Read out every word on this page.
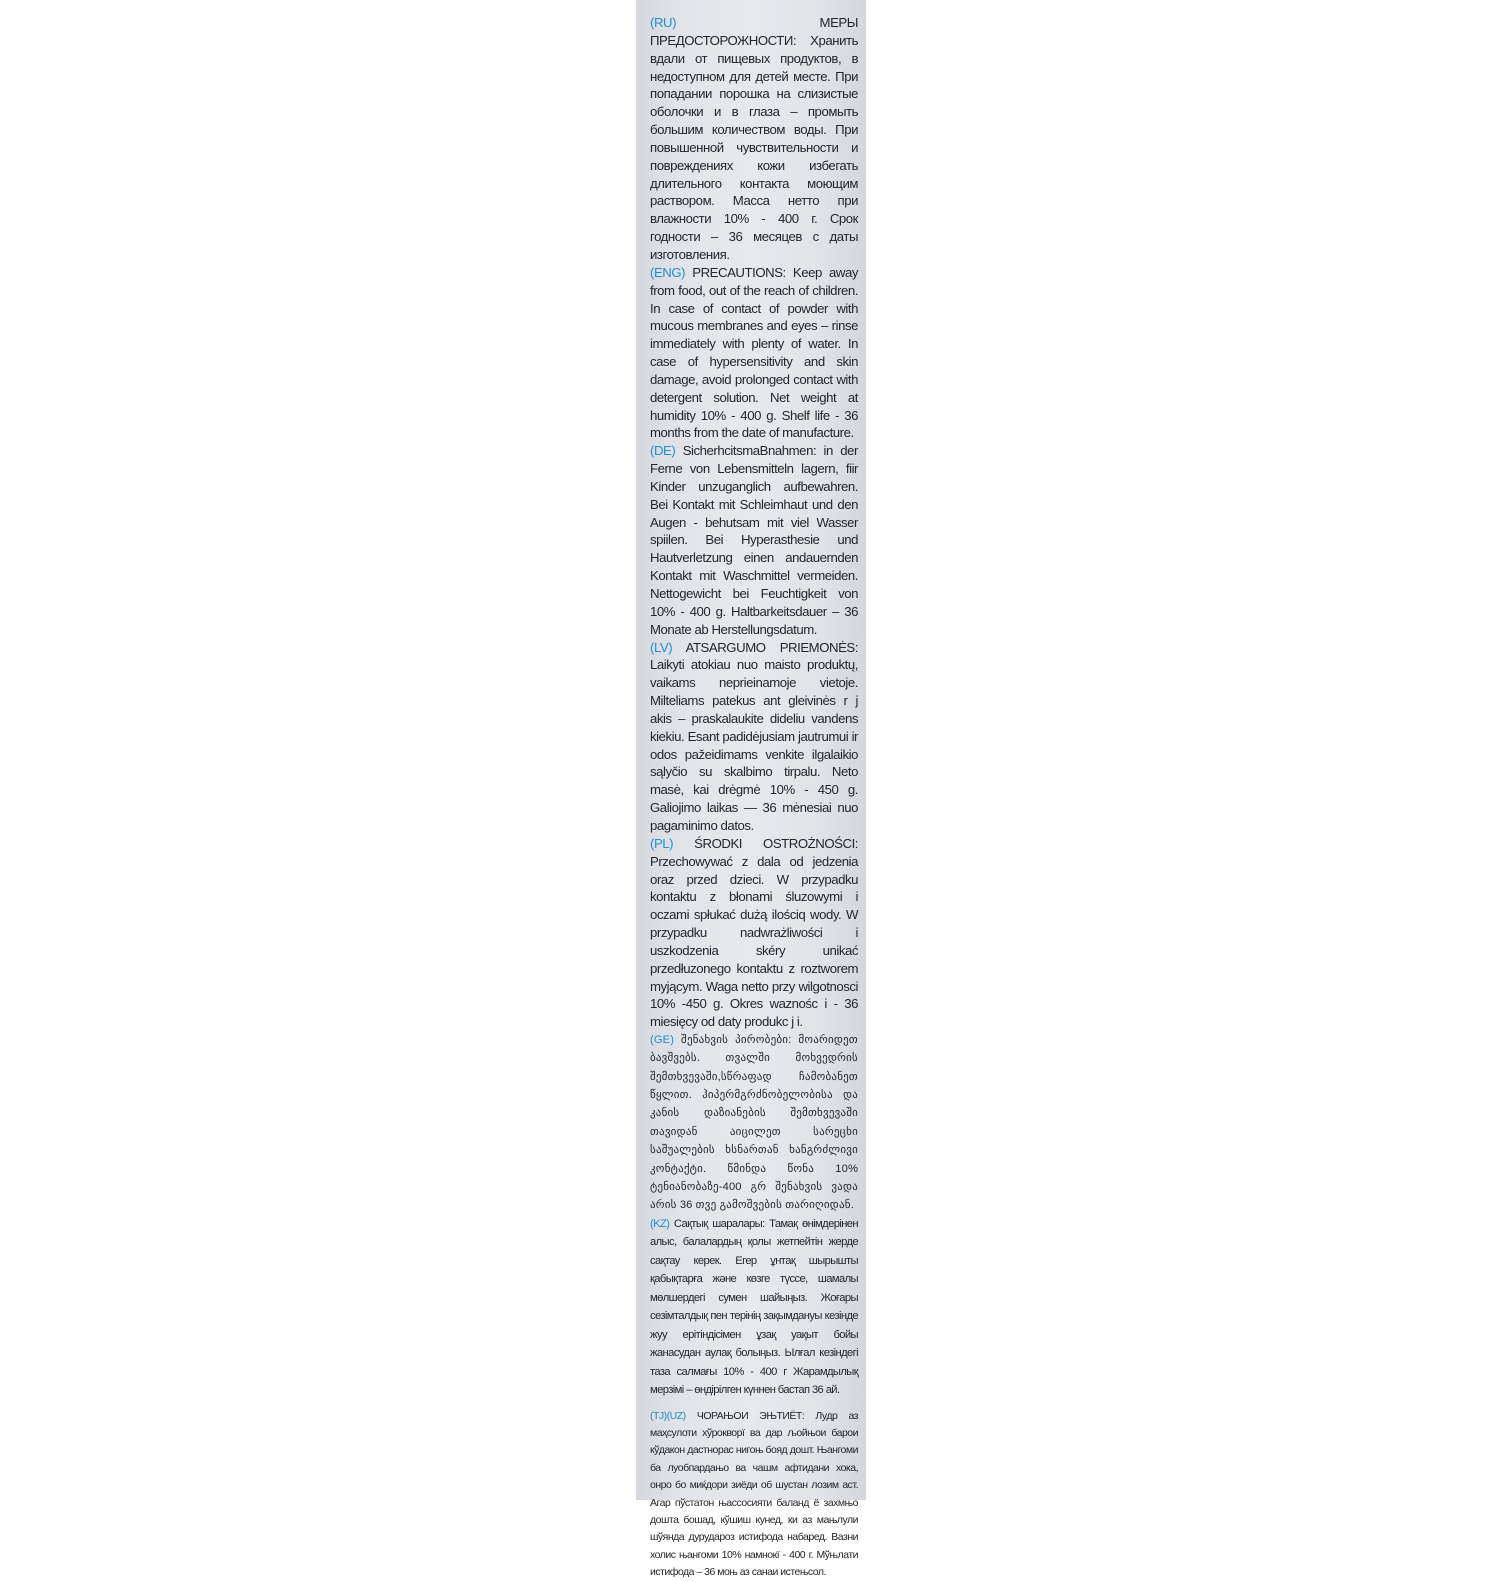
(RU) МЕРЫ ПРЕДОСТОРОЖНОСТИ: Хранить вдали от пищевых продуктов, в недоступном для детей месте. При попадании порошка на слизистые оболочки и в глаза – промыть большим количеством воды. При повышенной чувствительности и повреждениях кожи избегать длительного контакта моющим раствором. Масса нетто при влажности 10% - 400 г. Срок годности – 36 месяцев с даты изготовления.

(ENG) PRECAUTIONS: Keep away from food, out of the reach of children. In case of contact of powder with mucous membranes and eyes – rinse immediately with plenty of water. In case of hypersensitivity and skin damage, avoid prolonged contact with detergent solution. Net weight at humidity 10% - 400 g. Shelf life - 36 months from the date of manufacture.

(DE) SicherhcitsmaBnahmen: in der Ferne von Lebensmitteln lagern, fiir Kinder unzuganglich aufbewahren. Bei Kontakt mit Schleimhaut und den Augen - behutsam mit viel Wasser spiilen. Bei Hyperasthesie und Hautverletzung einen andauernden Kontakt mit Waschmittel vermeiden. Nettogewicht bei Feuchtigkeit von 10% - 400 g. Haltbarkeitsdauer – 36 Monate ab Herstellungsdatum.

(LV) ATSARGUMO PRIEMONĖS: Laikyti atokiau nuo maisto produktų, vaikams neprieinamoje vietoje. Milteliams patekus ant gleivinės r j akis – praskalaukite dideliu vandens kiekiu. Esant padidėjusiam jautrumui ir odos pažeidimams venkite ilgalaikio sąlyčio su skalbimo tirpalu. Neto masė, kai drėgmė 10% - 450 g. Galiojimo laikas — 36 mėnesiai nuo pagaminimo datos.

(PL) ŚRODKI OSTROŻNOŚCI: Przechowywać z dala od jedzenia oraz przed dzieci. W przypadku kontaktu z błonami śluzowymi i oczami spłukać dużą ilościq wody. W przypadku nadwrażliwości i uszkodzenia skéry unikać przedłuzonego kontaktu z roztworem myjącym. Waga netto przy wilgotnosci 10% -450 g. Okres waznośc i - 36 miesięcy od daty produkc j i.

(GE) შენახვის პირობები: მოარიდეთ ბავშვებს. თვალში მოხვედრის შემთხვევაში,სწრაფად ჩამობანეთ წყლით. ჰიპერმგრძნობელობისა და კანის დაზიანების შემთხვევაში თავიდან აიცილეთ სარეცხი საშუალების ხსნართან ხანგრძლივი კონტაქტი. წმინდა წონა 10% ტენიანობაზე-400 გრ შენახვის ვადა არის 36 თვე გამოშვების თარიღიდან.

(KZ) Сақтық шаралары: Тамақ өнімдерінен алыс, балалардың қолы жетпейтін жерде сақтау керек. Егер ұнтақ шырышты қабықтарға және көзге түссе, шамалы мөлшердегі сумен шайыңыз. Жоғары сезімталдық пен терінің зақымдануы кезінде жуу ерітіндісімен ұзақ уақыт бойы жанасудан аулақ болыңыз. Ылғал кезіндегі таза салмағы 10% - 400 г Жарамдылық мерзімі – өндірілген күннен бастап 36 ай.

(TJ)(UZ) ЧОРАЊОИ ЭЊТИЁТ: Лудр аз маҳсулоти хўрокворї ва дар љойњои барои кўдакон дастнорас нигоњ бояд дошт. Њангоми ба луобпардањо ва чашм афтидани хока, онро бо миќдори зиёди об шустан лозим аст. Агар пўстатон њассосияти баланд ё захмњо дошта бошад, кўшиш кунед, ки аз мањлули шўянда дурудароз истифода набаред. Вазни холис њангоми 10% намнокї - 400 г. Мўњлати истифода – 36 моњ аз санаи истењсол.
